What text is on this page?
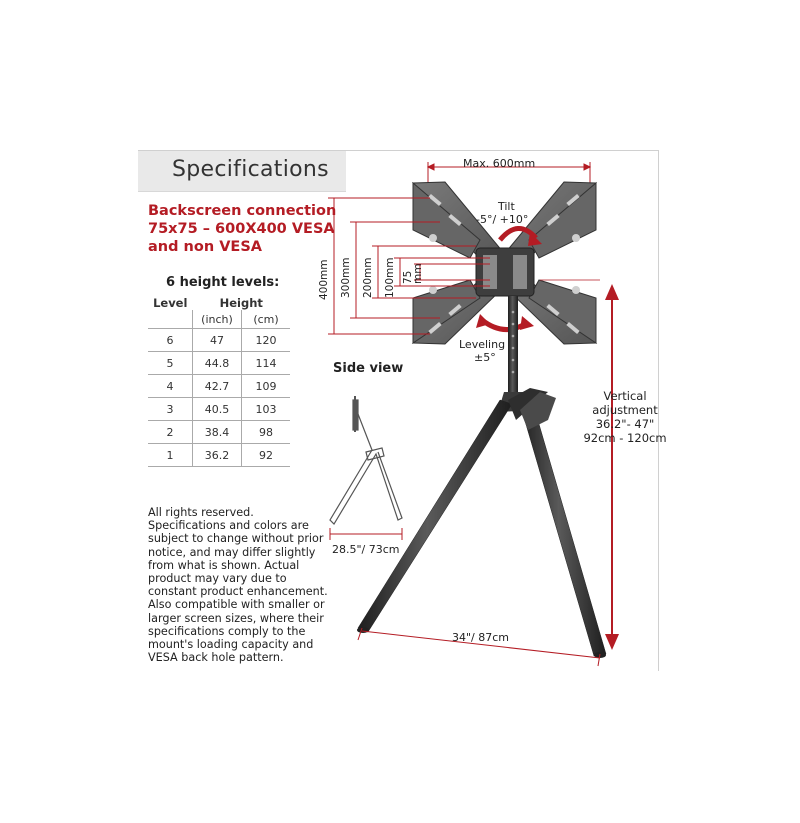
Specifications
Backscreen connection
75x75 – 600X400 VESA
and non VESA
6 height levels:
Level	Height	
	(inch)	(cm)
6	47	120
5	44.8	114
4	42.7	109
3	40.5	103
2	38.4	98
1	36.2	92
All rights reserved.
Specifications and colors are
subject to change without prior
notice, and may differ slightly
from what is shown. Actual
product may vary due to
constant product enhancement.
Also compatible with smaller or
larger screen sizes, where their
specifications comply to the
mount's loading capacity and
VESA back hole pattern.
Max. 600mm
Tilt
-5°/ +10°
Leveling
±5°
400mm 300mm 200mm 100mm 75
mm
Side view
28.5"/ 73cm
34"/ 87cm
Vertical
adjustment
36.2"- 47"
92cm - 120cm
